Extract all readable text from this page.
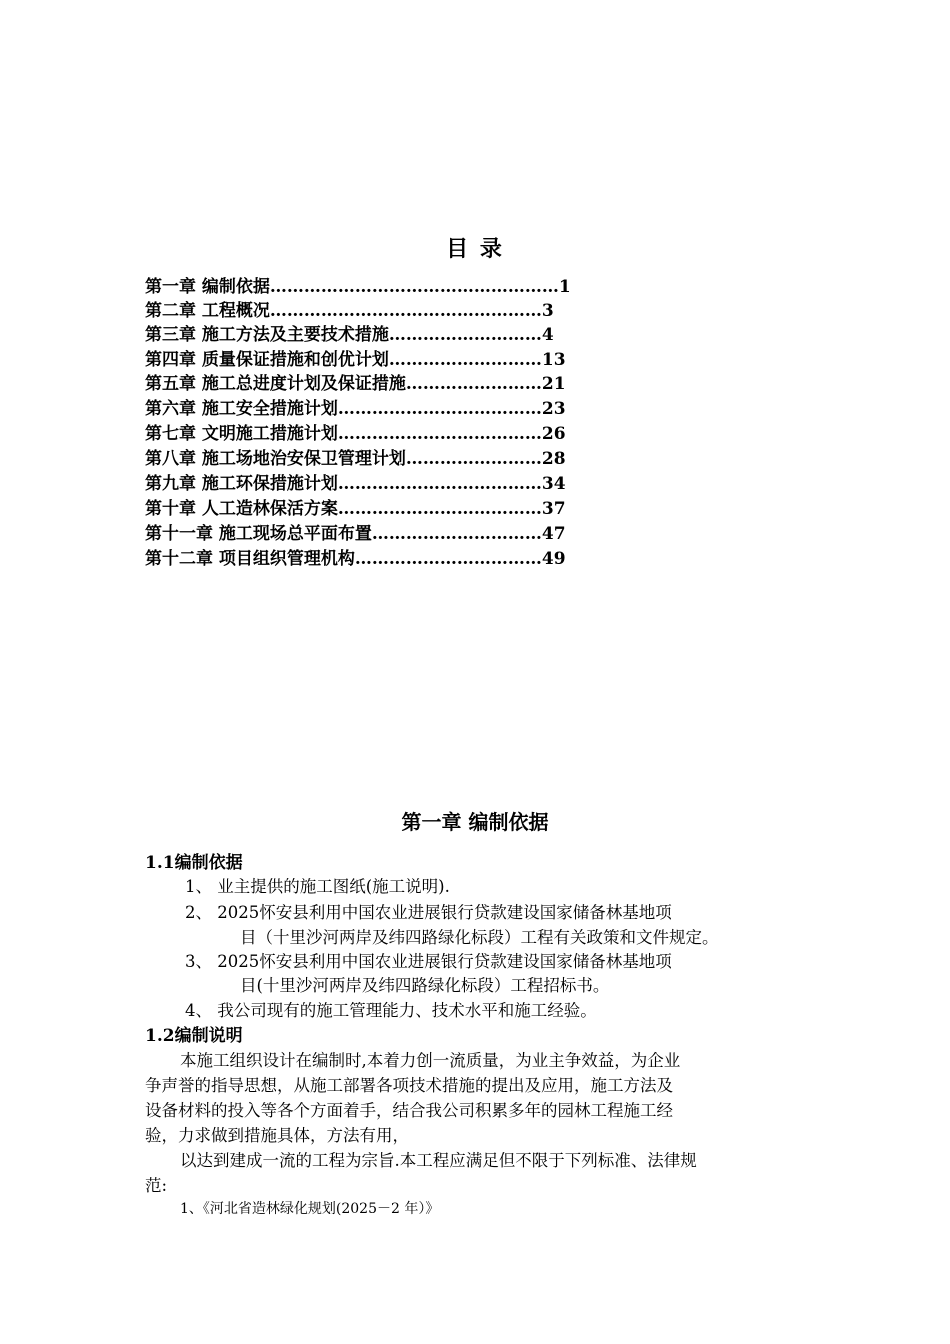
目 录
第一章 编制依据……………………………………………1
第二章 工程概况…………………………………………3
第三章 施工方法及主要技术措施………………………4
第四章 质量保证措施和创优计划………………………13
第五章 施工总进度计划及保证措施……………………21
第六章 施工安全措施计划………………………………23
第七章 文明施工措施计划………………………………26
第八章 施工场地治安保卫管理计划……………………28
第九章 施工环保措施计划………………………………34
第十章 人工造林保活方案………………………………37
第十一章 施工现场总平面布置…………………………47
第十二章 项目组织管理机构……………………………49
第一章 编制依据
1.1编制依据
1、 业主提供的施工图纸(施工说明).
2、 2025怀安县利用中国农业进展银行贷款建设国家储备林基地项
目（十里沙河两岸及纬四路绿化标段）工程有关政策和文件规定。
3、 2025怀安县利用中国农业进展银行贷款建设国家储备林基地项
目(十里沙河两岸及纬四路绿化标段）工程招标书。
4、 我公司现有的施工管理能力、技术水平和施工经验。
1.2编制说明
本施工组织设计在编制时,本着力创一流质量，为业主争效益，为企业
争声誉的指导思想，从施工部署各项技术措施的提出及应用，施工方法及
设备材料的投入等各个方面着手，结合我公司积累多年的园林工程施工经
验，力求做到措施具体，方法有用，
以达到建成一流的工程为宗旨.本工程应满足但不限于下列标准、法律规
范:
1、《河北省造林绿化规划(2025－2 年）》
